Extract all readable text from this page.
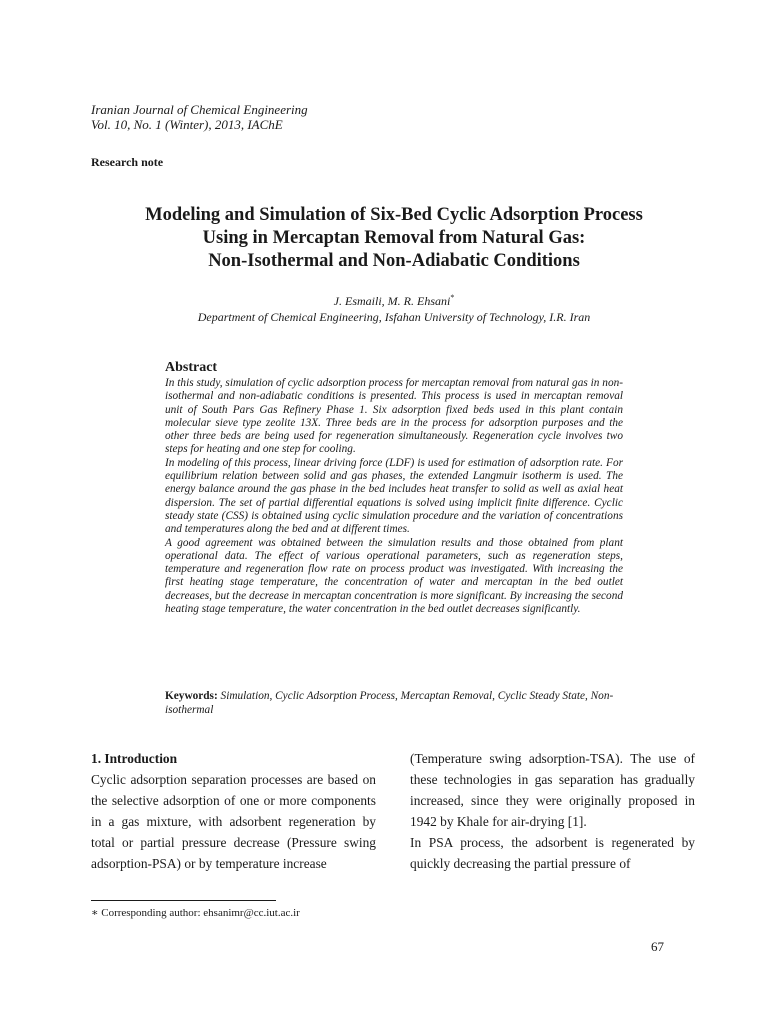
Iranian Journal of Chemical Engineering
Vol. 10, No. 1 (Winter), 2013, IAChE
Research note
Modeling and Simulation of Six-Bed Cyclic Adsorption Process
Using in Mercaptan Removal from Natural Gas:
Non-Isothermal and Non-Adiabatic Conditions
J. Esmaili, M. R. Ehsani*
Department of Chemical Engineering, Isfahan University of Technology, I.R. Iran
Abstract

In this study, simulation of cyclic adsorption process for mercaptan removal from natural gas in non-isothermal and non-adiabatic conditions is presented. This process is used in mercaptan removal unit of South Pars Gas Refinery Phase 1. Six adsorption fixed beds used in this plant contain molecular sieve type zeolite 13X. Three beds are in the process for adsorption purposes and the other three beds are being used for regeneration simultaneously. Regeneration cycle involves two steps for heating and one step for cooling.

In modeling of this process, linear driving force (LDF) is used for estimation of adsorption rate. For equilibrium relation between solid and gas phases, the extended Langmuir isotherm is used. The energy balance around the gas phase in the bed includes heat transfer to solid as well as axial heat dispersion. The set of partial differential equations is solved using implicit finite difference. Cyclic steady state (CSS) is obtained using cyclic simulation procedure and the variation of concentrations and temperatures along the bed and at different times.

A good agreement was obtained between the simulation results and those obtained from plant operational data. The effect of various operational parameters, such as regeneration steps, temperature and regeneration flow rate on process product was investigated. With increasing the first heating stage temperature, the concentration of water and mercaptan in the bed outlet decreases, but the decrease in mercaptan concentration is more significant. By increasing the second heating stage temperature, the water concentration in the bed outlet decreases significantly.

Keywords: Simulation, Cyclic Adsorption Process, Mercaptan Removal, Cyclic Steady State, Non-isothermal

1. Introduction

Cyclic adsorption separation processes are based on the selective adsorption of one or more components in a gas mixture, with adsorbent regeneration by total or partial pressure decrease (Pressure swing adsorption-PSA) or by temperature increase

(Temperature swing adsorption-TSA). The use of these technologies in gas separation has gradually increased, since they were originally proposed in 1942 by Khale for air-drying [1].

In PSA process, the adsorbent is regenerated by quickly decreasing the partial pressure of

∗ Corresponding author: ehsanimr@cc.iut.ac.ir
67
